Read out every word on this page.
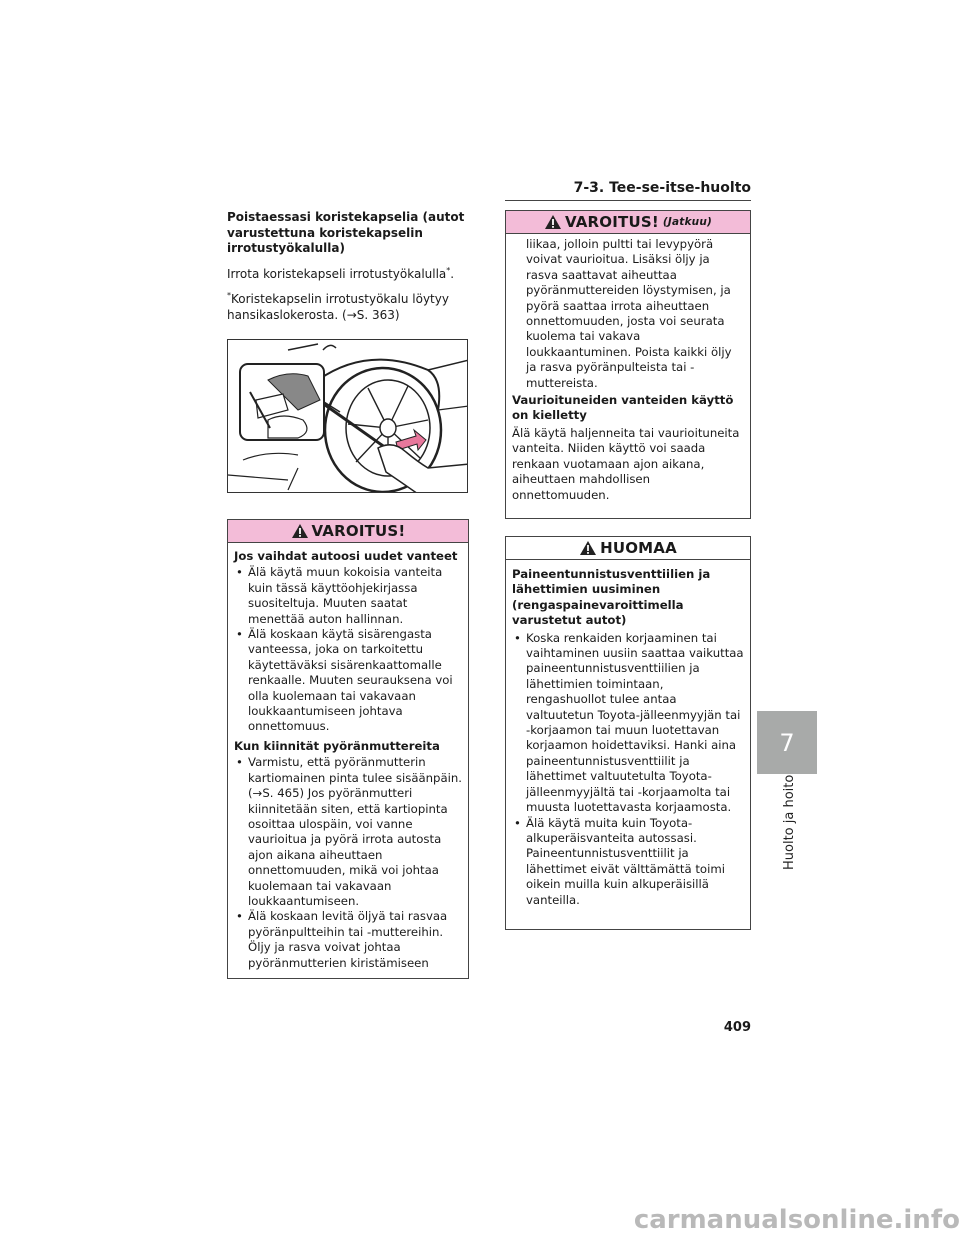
7-3. Tee-se-itse-huolto

Poistaessasi koristekapselia (autot varustettuna koristekapselin irrotustyökalulla)

Irrota koristekapseli irrotustyökalulla*.

*Koristekapselin irrotustyökalu löytyy hansikaslokerosta. (→S. 363)

VAROITUS!

Jos vaihdat autoosi uudet vanteet

• Älä käytä muun kokoisia vanteita kuin tässä käyttöohjekirjassa suositeltuja. Muuten saatat menettää auton hallinnan.

• Älä koskaan käytä sisärengasta vanteessa, joka on tarkoitettu käytettäväksi sisärenkaattomalle renkaalle. Muuten seurauksena voi olla kuolemaan tai vakavaan loukkaantumiseen johtava onnettomuus.

Kun kiinnität pyöränmuttereita

• Varmistu, että pyöränmutterin kartiomainen pinta tulee sisäänpäin. (→S. 465) Jos pyöränmutteri kiinnitetään siten, että kartiopinta osoittaa ulospäin, voi vanne vaurioitua ja pyörä irrota autosta ajon aikana aiheuttaen onnettomuuden, mikä voi johtaa kuolemaan tai vakavaan loukkaantumiseen.

• Älä koskaan levitä öljyä tai rasvaa pyöränpultteihin tai -muttereihin. Öljy ja rasva voivat johtaa pyöränmutterien kiristämiseen

VAROITUS! (Jatkuu)

liikaa, jolloin pultti tai levypyörä voivat vaurioitua. Lisäksi öljy ja rasva saattavat aiheuttaa pyöränmuttereiden löystymisen, ja pyörä saattaa irrota aiheuttaen onnettomuuden, josta voi seurata kuolema tai vakava loukkaantuminen. Poista kaikki öljy ja rasva pyöränpulteista tai -muttereista.

Vaurioituneiden vanteiden käyttö on kielletty

Älä käytä haljenneita tai vaurioituneita vanteita. Niiden käyttö voi saada renkaan vuotamaan ajon aikana, aiheuttaen mahdollisen onnettomuuden.

HUOMAA

Paineentunnistusventtiilien ja lähettimien uusiminen (rengaspainevaroittimella varustetut autot)

• Koska renkaiden korjaaminen tai vaihtaminen uusiin saattaa vaikuttaa paineentunnistusventtiilien ja lähettimien toimintaan, rengashuollot tulee antaa valtuutetun Toyota-jälleenmyyjän tai -korjaamon tai muun luotettavan korjaamon hoidettaviksi. Hanki aina paineentunnistusventtiilit ja lähettimet valtuutetulta Toyota-jälleenmyyjältä tai -korjaamolta tai muusta luotettavasta korjaamosta.

• Älä käytä muita kuin Toyota-alkuperäisvanteita autossasi. Paineentunnistusventtiilit ja lähettimet eivät välttämättä toimi oikein muilla kuin alkuperäisillä vanteilla.

7
Huolto ja hoito
409
carmanualsonline.info
